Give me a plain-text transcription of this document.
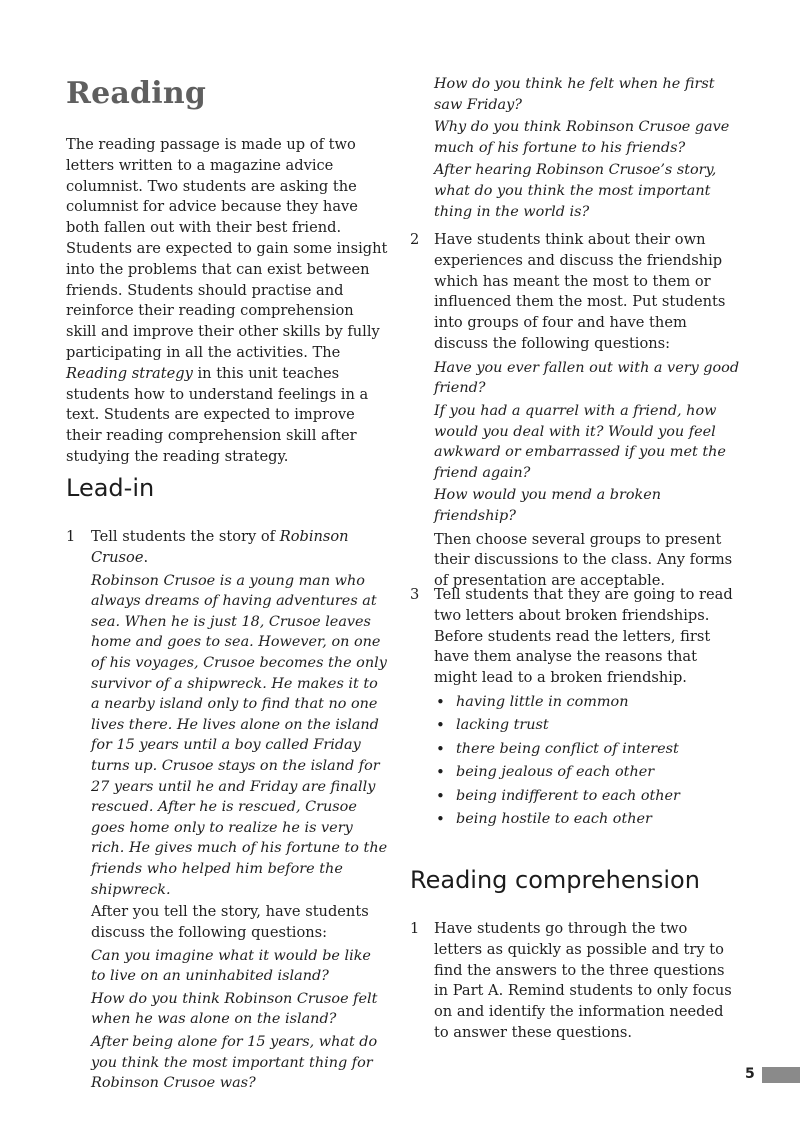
Reading

The reading passage is made up of two letters written to a magazine advice columnist. Two students are asking the columnist for advice because they have both fallen out with their best friend. Students are expected to gain some insight into the problems that can exist between friends. Students should practise and reinforce their reading comprehension skill and improve their other skills by fully participating in all the activities. The Reading strategy in this unit teaches students how to understand feelings in a text. Students are expected to improve their reading comprehension skill after studying the reading strategy.

Lead-in
1 Tell students the story of Robinson Crusoe.

Robinson Crusoe is a young man who always dreams of having adventures at sea. When he is just 18, Crusoe leaves home and goes to sea. However, on one of his voyages, Crusoe becomes the only survivor of a shipwreck. He makes it to a nearby island only to find that no one lives there. He lives alone on the island for 15 years until a boy called Friday turns up. Crusoe stays on the island for 27 years until he and Friday are finally rescued. After he is rescued, Crusoe goes home only to realize he is very rich. He gives much of his fortune to the friends who helped him before the shipwreck.

After you tell the story, have students discuss the following questions:

Can you imagine what it would be like to live on an uninhabited island?

How do you think Robinson Crusoe felt when he was alone on the island?

After being alone for 15 years, what do you think the most important thing for Robinson Crusoe was?

How do you think he felt when he first saw Friday?

Why do you think Robinson Crusoe gave much of his fortune to his friends?

After hearing Robinson Crusoe’s story, what do you think the most important thing in the world is?

2 Have students think about their own experiences and discuss the friendship which has meant the most to them or influenced them the most. Put students into groups of four and have them discuss the following questions:

Have you ever fallen out with a very good friend?

If you had a quarrel with a friend, how would you deal with it? Would you feel awkward or embarrassed if you met the friend again?

How would you mend a broken friendship?

Then choose several groups to present their discussions to the class. Any forms of presentation are acceptable.

3 Tell students that they are going to read two letters about broken friendships. Before students read the letters, first have them analyse the reasons that might lead to a broken friendship.

• having little in common
• lacking trust
• there being conflict of interest
• being jealous of each other
• being indifferent to each other
• being hostile to each other
Reading comprehension
1 Have students go through the two letters as quickly as possible and try to find the answers to the three questions in Part A. Remind students to only focus on and identify the information needed to answer these questions.

5
